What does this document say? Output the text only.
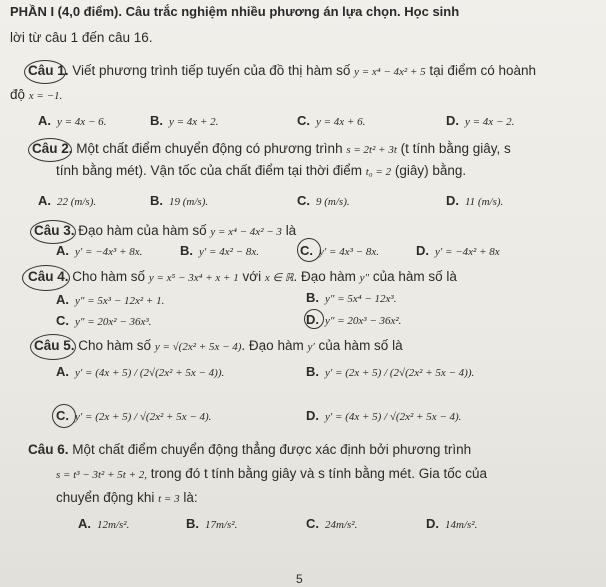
PHẦN I (4,0 điểm). Câu trắc nghiệm nhiều phương án lựa chọn. Học sinh
lời từ câu 1 đến câu 16.
Câu 1. Viết phương trình tiếp tuyến của đồ thị hàm số y = x⁴ − 4x² + 5 tại điểm có hoành
độ x = −1.
A. y = 4x − 6.	B. y = 4x + 2.	C. y = 4x + 6.	D. y = 4x − 2.
Câu 2. Một chất điểm chuyển động có phương trình s = 2t² + 3t (t tính bằng giây, s
tính bằng mét). Vận tốc của chất điểm tại thời điểm t₀ = 2 (giây) bằng.
A. 22 (m/s).	B. 19 (m/s).	C. 9 (m/s).	D. 11 (m/s).
Câu 3. Đạo hàm của hàm số y = x⁴ − 4x² − 3 là
A. y′ = −4x³ + 8x.	B. y′ = 4x² − 8x.	C. y′ = 4x³ − 8x.	D. y′ = −4x² + 8x
Câu 4. Cho hàm số y = x⁵ − 3x⁴ + x + 1 với x ∈ ℝ. Đạo hàm y″ của hàm số là
A. y″ = 5x³ − 12x² + 1.	B. y″ = 5x⁴ − 12x³.
C. y″ = 20x² − 36x³.	D. y″ = 20x³ − 36x².
Câu 5. Cho hàm số y = √(2x² + 5x − 4). Đạo hàm y′ của hàm số là
A. y′ = (4x + 5) / (2√(2x² + 5x − 4)).	B. y′ = (2x + 5) / (2√(2x² + 5x − 4)).
C. y′ = (2x + 5) / √(2x² + 5x − 4).	D. y′ = (4x + 5) / √(2x² + 5x − 4).
Câu 6. Một chất điểm chuyển động thẳng được xác định bởi phương trình
s = t³ − 3t² + 5t + 2, trong đó t tính bằng giây và s tính bằng mét. Gia tốc của
chuyển động khi t = 3 là:
A. 12m/s².	B. 17m/s².	C. 24m/s².	D. 14m/s².
5
